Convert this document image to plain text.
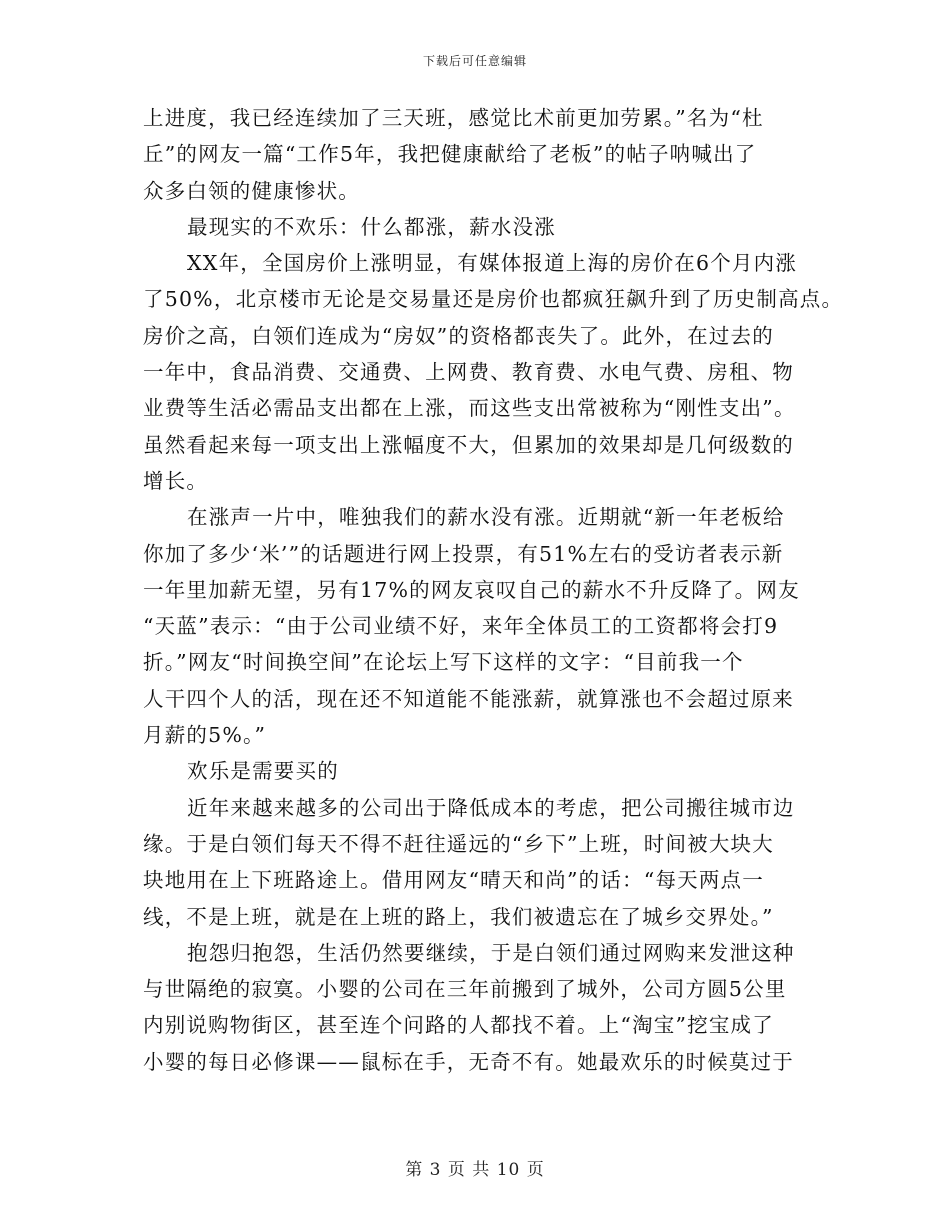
下载后可任意编辑
上进度，我已经连续加了三天班，感觉比术前更加劳累。”名为“杜
丘”的网友一篇“工作5年，我把健康献给了老板”的帖子呐喊出了
众多白领的健康惨状。
最现实的不欢乐：什么都涨，薪水没涨
XX年，全国房价上涨明显，有媒体报道上海的房价在6个月内涨
了50%，北京楼市无论是交易量还是房价也都疯狂飙升到了历史制高点。
房价之高，白领们连成为“房奴”的资格都丧失了。此外，在过去的
一年中，食品消费、交通费、上网费、教育费、水电气费、房租、物
业费等生活必需品支出都在上涨，而这些支出常被称为“刚性支出”。
虽然看起来每一项支出上涨幅度不大，但累加的效果却是几何级数的
增长。
在涨声一片中，唯独我们的薪水没有涨。近期就“新一年老板给
你加了多少‘米’”的话题进行网上投票，有51%左右的受访者表示新
一年里加薪无望，另有17%的网友哀叹自己的薪水不升反降了。网友
“天蓝”表示：“由于公司业绩不好，来年全体员工的工资都将会打9
折。”网友“时间换空间”在论坛上写下这样的文字：“目前我一个
人干四个人的活，现在还不知道能不能涨薪，就算涨也不会超过原来
月薪的5%。”
欢乐是需要买的
近年来越来越多的公司出于降低成本的考虑，把公司搬往城市边
缘。于是白领们每天不得不赶往遥远的“乡下”上班，时间被大块大
块地用在上下班路途上。借用网友“晴天和尚”的话：“每天两点一
线，不是上班，就是在上班的路上，我们被遗忘在了城乡交界处。”
抱怨归抱怨，生活仍然要继续，于是白领们通过网购来发泄这种
与世隔绝的寂寞。小婴的公司在三年前搬到了城外，公司方圆5公里
内别说购物街区，甚至连个问路的人都找不着。上“淘宝”挖宝成了
小婴的每日必修课——鼠标在手，无奇不有。她最欢乐的时候莫过于
第 3 页 共 10 页
